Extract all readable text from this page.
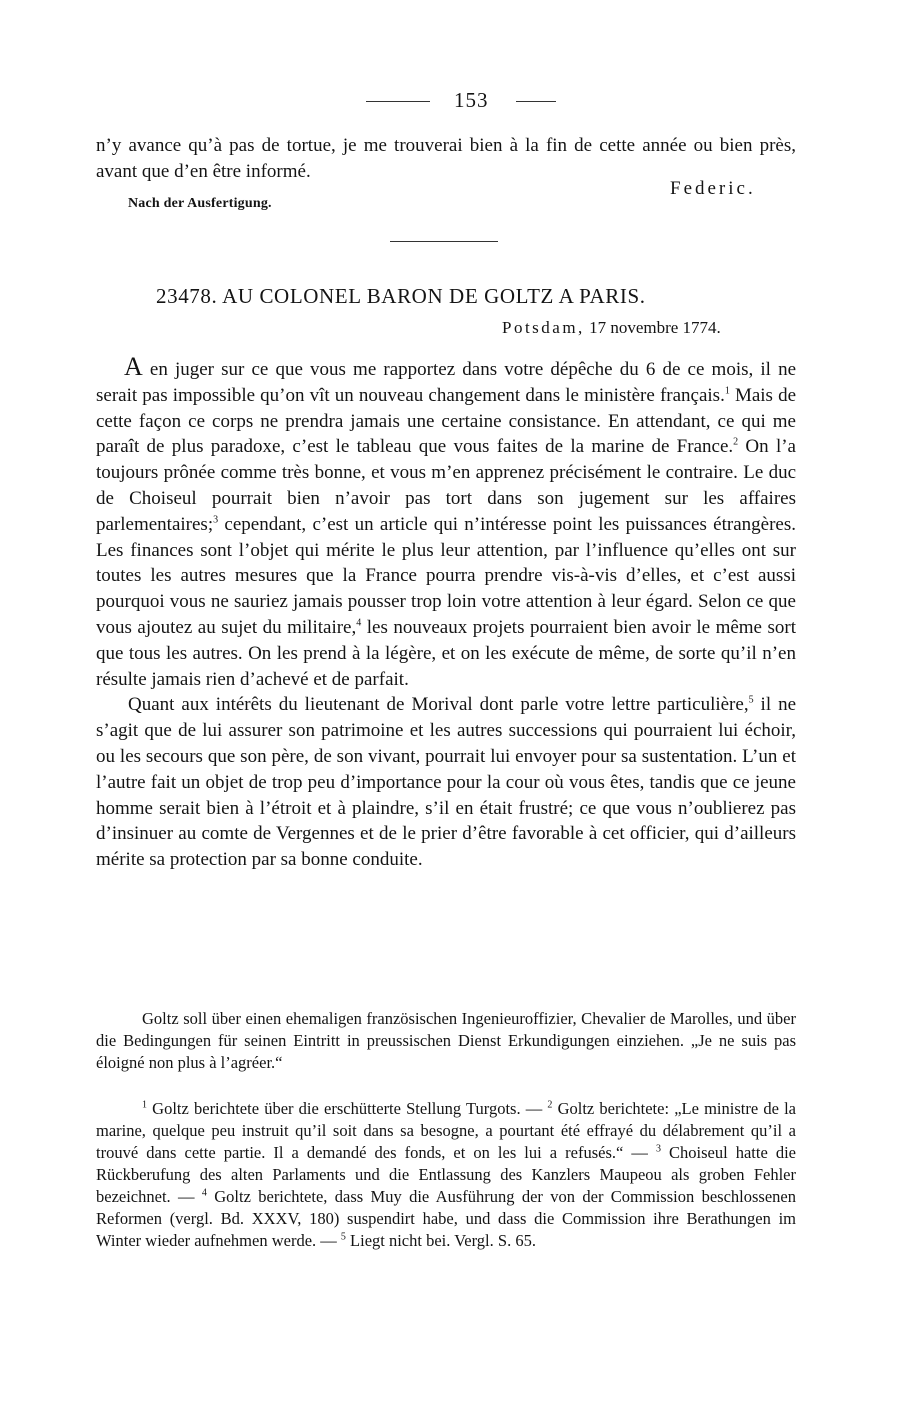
153
n’y avance qu’à pas de tortue, je me trouverai bien à la fin de cette année ou bien près, avant que d’en être informé.
Federic.
Nach der Ausfertigung.
23478. AU COLONEL BARON DE GOLTZ A PARIS.
Potsdam, 17 novembre 1774.

A en juger sur ce que vous me rapportez dans votre dépêche du 6 de ce mois, il ne serait pas impossible qu’on vît un nouveau changement dans le ministère français.$^1$ Mais de cette façon ce corps ne prendra jamais une certaine consistance. En attendant, ce qui me paraît de plus paradoxe, c’est le tableau que vous faites de la marine de France.$^2$ On l’a toujours prônée comme très bonne, et vous m’en apprenez précisément le contraire. Le duc de Choiseul pourrait bien n’avoir pas tort dans son jugement sur les affaires parlementaires;$^3$ cependant, c’est un article qui n’intéresse point les puissances étrangères. Les finances sont l’objet qui mérite le plus leur attention, par l’influence qu’elles ont sur toutes les autres mesures que la France pourra prendre vis-à-vis d’elles, et c’est aussi pourquoi vous ne sauriez jamais pousser trop loin votre attention à leur égard. Selon ce que vous ajoutez au sujet du militaire,$^4$ les nouveaux projets pourraient bien avoir le même sort que tous les autres. On les prend à la légère, et on les exécute de même, de sorte qu’il n’en résulte jamais rien d’achevé et de parfait.

Quant aux intérêts du lieutenant de Morival dont parle votre lettre particulière,$^5$ il ne s’agit que de lui assurer son patrimoine et les autres successions qui pourraient lui échoir, ou les secours que son père, de son vivant, pourrait lui envoyer pour sa sustentation. L’un et l’autre fait un objet de trop peu d’importance pour la cour où vous êtes, tandis que ce jeune homme serait bien à l’étroit et à plaindre, s’il en était frustré; ce que vous n’oublierez pas d’insinuer au comte de Vergennes et de le prier d’être favorable à cet officier, qui d’ailleurs mérite sa protection par sa bonne conduite.

Goltz soll über einen ehemaligen französischen Ingenieuroffizier, Chevalier de Marolles, und über die Bedingungen für seinen Eintritt in preussischen Dienst Erkundigungen einziehen. „Je ne suis pas éloigné non plus à l’agréer.“
$^1$ Goltz berichtete über die erschütterte Stellung Turgots. — $^2$ Goltz berichtete: „Le ministre de la marine, quelque peu instruit qu’il soit dans sa besogne, a pourtant été effrayé du délabrement qu’il a trouvé dans cette partie. Il a demandé des fonds, et on les lui a refusés.“ — $^3$ Choiseul hatte die Rückberufung des alten Parlaments und die Entlassung des Kanzlers Maupeou als groben Fehler bezeichnet. — $^4$ Goltz berichtete, dass Muy die Ausführung der von der Commission beschlossenen Reformen (vergl. Bd. XXXV, 180) suspendirt habe, und dass die Commission ihre Berathungen im Winter wieder aufnehmen werde. — $^5$ Liegt nicht bei. Vergl. S. 65.
